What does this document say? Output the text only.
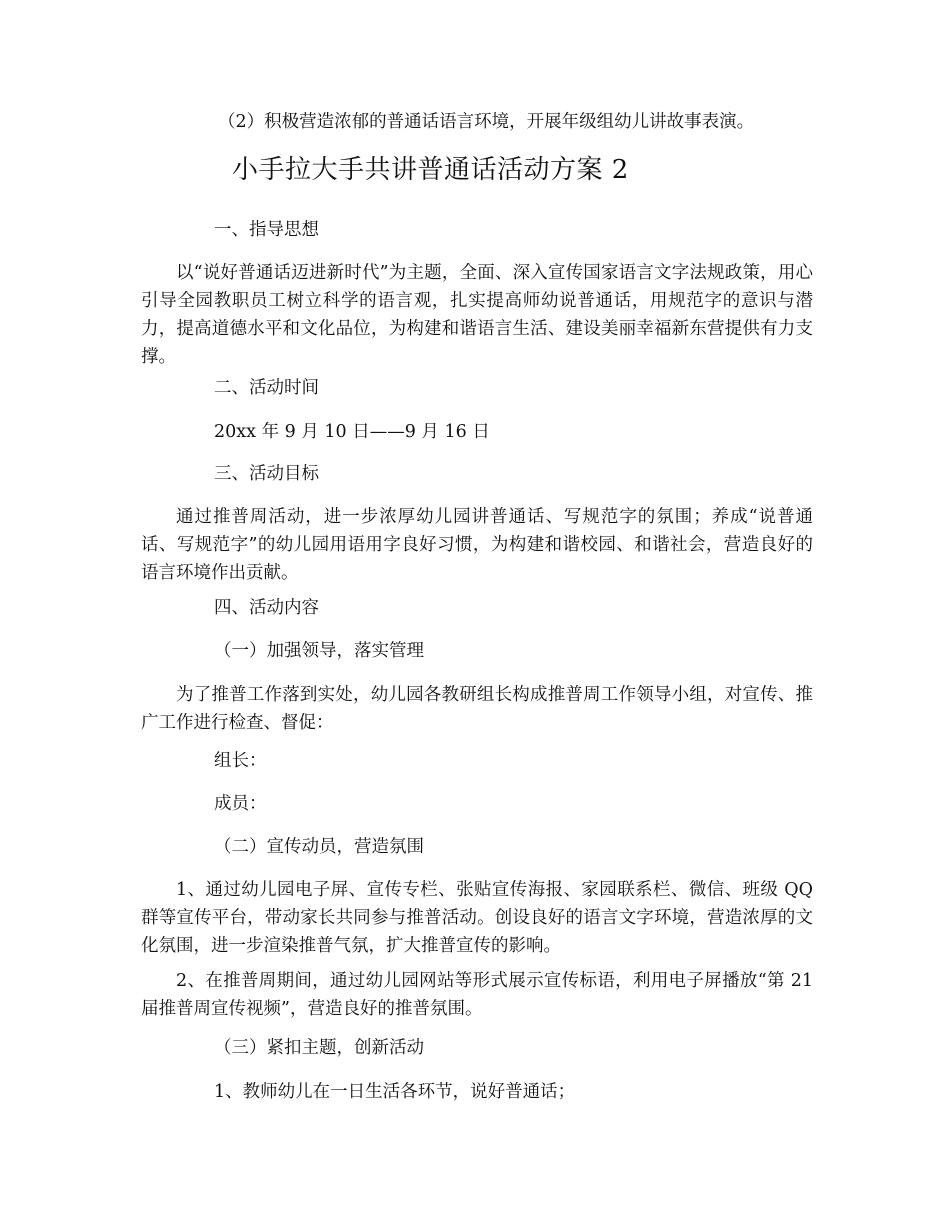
（2）积极营造浓郁的普通话语言环境，开展年级组幼儿讲故事表演。

小手拉大手共讲普通话活动方案 2

一、指导思想

以“说好普通话迈进新时代”为主题，全面、深入宣传国家语言文字法规政策，用心引导全园教职员工树立科学的语言观，扎实提高师幼说普通话，用规范字的意识与潜力，提高道德水平和文化品位，为构建和谐语言生活、建设美丽幸福新东营提供有力支撑。

二、活动时间

20xx 年 9 月 10 日——9 月 16 日

三、活动目标

通过推普周活动，进一步浓厚幼儿园讲普通话、写规范字的氛围；养成“说普通话、写规范字”的幼儿园用语用字良好习惯，为构建和谐校园、和谐社会，营造良好的语言环境作出贡献。

四、活动内容

（一）加强领导，落实管理

为了推普工作落到实处，幼儿园各教研组长构成推普周工作领导小组，对宣传、推广工作进行检查、督促：

组长：

成员：

（二）宣传动员，营造氛围

1、通过幼儿园电子屏、宣传专栏、张贴宣传海报、家园联系栏、微信、班级 QQ 群等宣传平台，带动家长共同参与推普活动。创设良好的语言文字环境，营造浓厚的文化氛围，进一步渲染推普气氛，扩大推普宣传的影响。

2、在推普周期间，通过幼儿园网站等形式展示宣传标语，利用电子屏播放“第 21 届推普周宣传视频”，营造良好的推普氛围。

（三）紧扣主题，创新活动

1、教师幼儿在一日生活各环节，说好普通话；
